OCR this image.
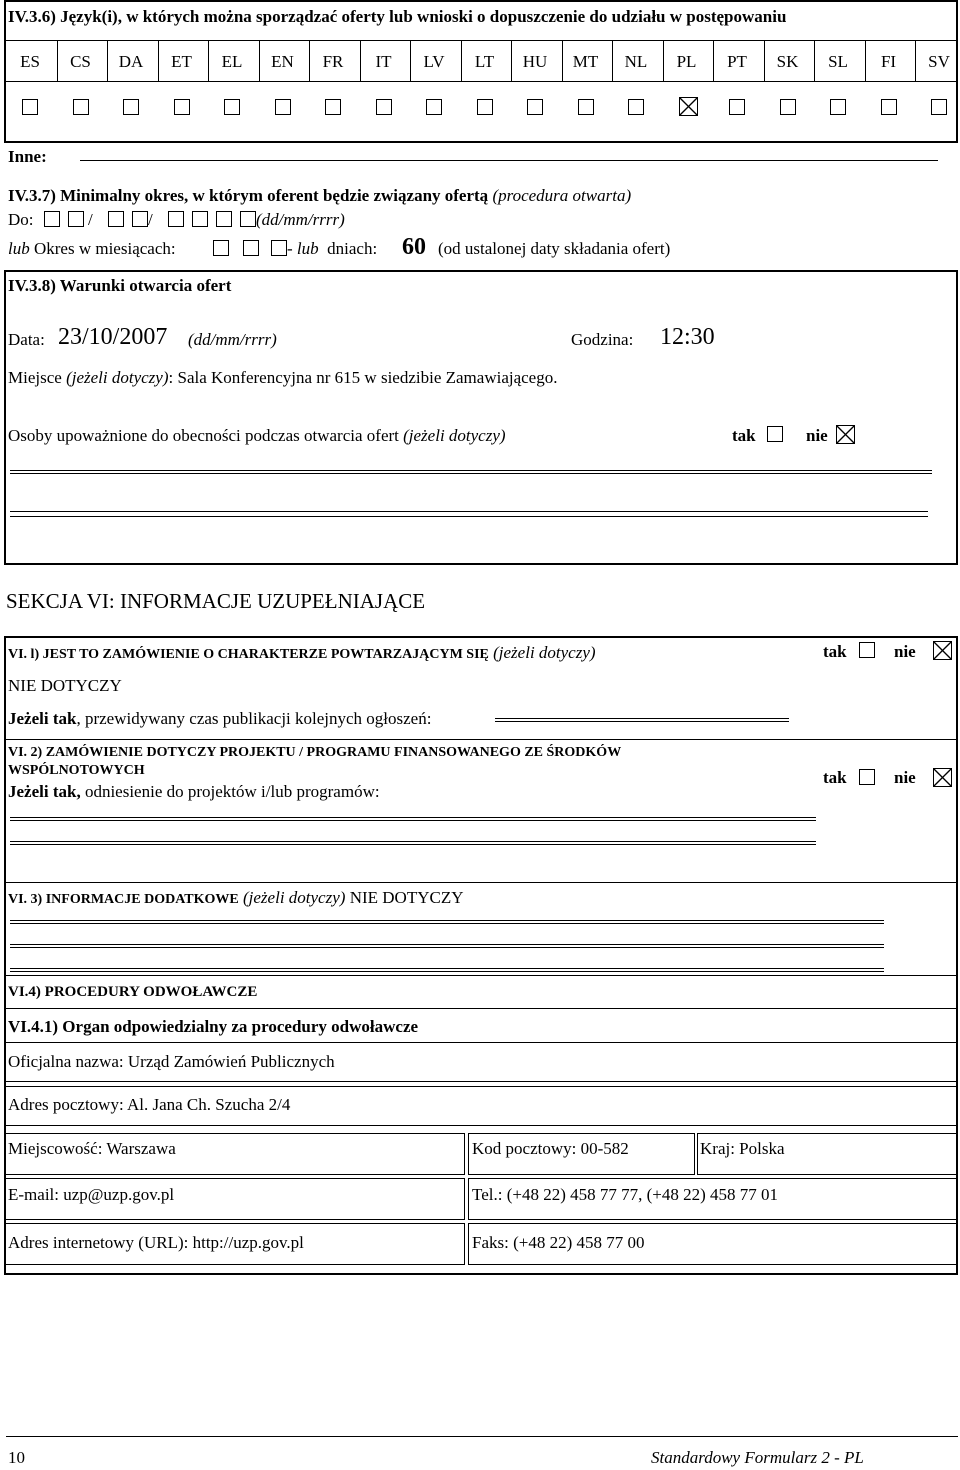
IV.3.6) Język(i), w których można sporządzać oferty lub wnioski o dopuszczenie do udziału w postępowaniu
ES	CS	DA	ET	EL	EN	FR	IT	LV	LT	HU	MT	NL	PL	PT	SK	SL	FI	SV
Inne:
IV.3.7) Minimalny okres, w którym oferent będzie związany ofertą (procedura otwarta)
Do:	/	/	(dd/mm/rrrr)
lub Okres w miesiącach:	- lub dniach: 60 (od ustalonej daty składania ofert)
IV.3.8) Warunki otwarcia ofert
Data: 23/10/2007 (dd/mm/rrrr)	Godzina: 12:30
Miejsce (jeżeli dotyczy): Sala Konferencyjna nr 615 w siedzibie Zamawiającego.
Osoby upoważnione do obecności podczas otwarcia ofert (jeżeli dotyczy)	tak	nie
SEKCJA VI: INFORMACJE UZUPEŁNIAJĄCE
VI. l) JEST TO ZAMÓWIENIE O CHARAKTERZE POWTARZAJĄCYM SIĘ (jeżeli dotyczy)	tak	nie
NIE DOTYCZY
Jeżeli tak, przewidywany czas publikacji kolejnych ogłoszeń:
VI. 2) ZAMÓWIENIE DOTYCZY PROJEKTU / PROGRAMU FINANSOWANEGO ZE ŚRODKÓW
WSPÓLNOTOWYCH
Jeżeli tak, odniesienie do projektów i/lub programów:
tak	nie
VI. 3) INFORMACJE DODATKOWE (jeżeli dotyczy) NIE DOTYCZY
VI.4) PROCEDURY ODWOŁAWCZE
VI.4.1) Organ odpowiedzialny za procedury odwoławcze
Oficjalna nazwa: Urząd Zamówień Publicznych
Adres pocztowy: Al. Jana Ch. Szucha 2/4
Miejscowość: Warszawa	Kod pocztowy: 00-582	Kraj: Polska
E-mail: uzp@uzp.gov.pl	Tel.: (+48 22) 458 77 77, (+48 22) 458 77 01
Adres internetowy (URL): http://uzp.gov.pl	Faks: (+48 22) 458 77 00
10	Standardowy Formularz 2 - PL
